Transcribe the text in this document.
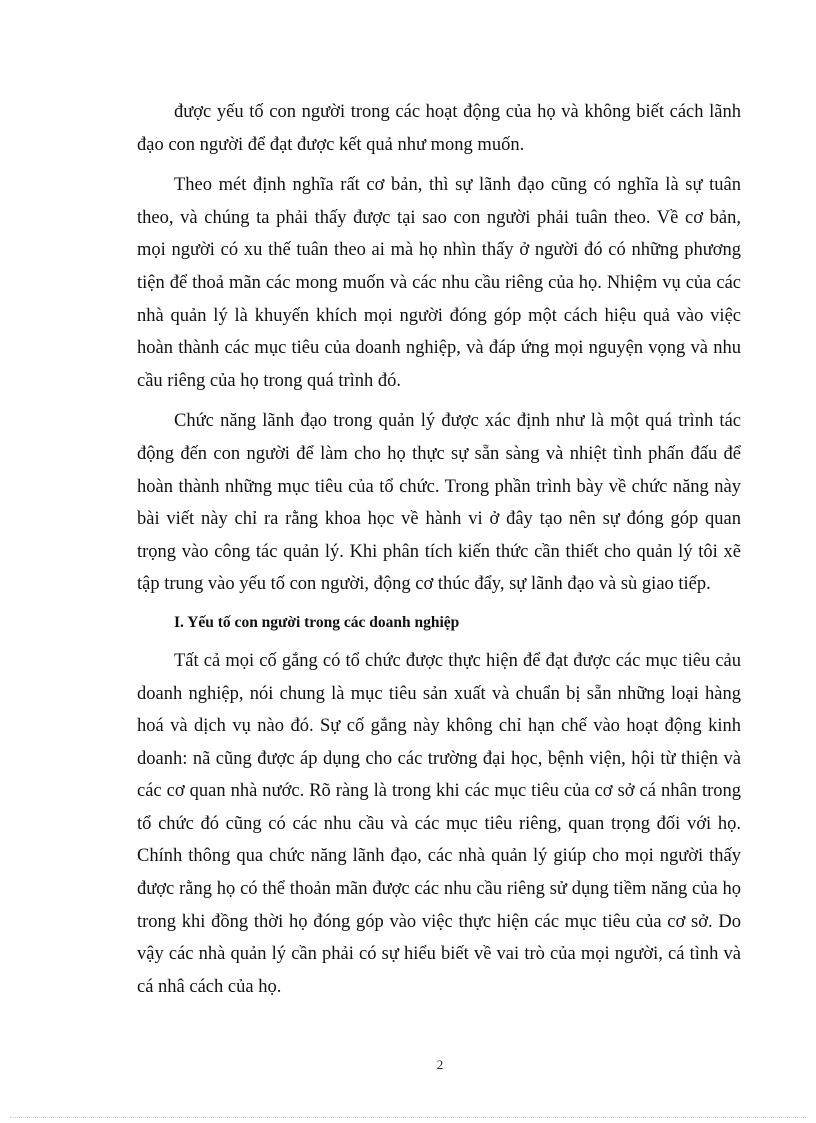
được yếu tố con người trong các hoạt động của họ và không biết cách lãnh đạo con người để đạt được kết quả như mong muốn.

Theo mét định nghĩa rất cơ bản, thì sự lãnh đạo cũng có nghĩa là sự tuân theo, và chúng ta phải thấy được tại sao con người phải tuân theo. Về cơ bản, mọi người có xu thế tuân theo ai mà họ nhìn thấy ở người đó có những phương tiện để thoả mãn các mong muốn và các nhu cầu riêng của họ. Nhiệm vụ của các nhà quản lý là khuyến khích mọi người đóng góp một cách hiệu quả vào việc hoàn thành các mục tiêu của doanh nghiệp, và đáp ứng mọi nguyện vọng và nhu cầu riêng của họ trong quá trình đó.

Chức năng lãnh đạo trong quản lý được xác định như là một quá trình tác động đến con người để làm cho họ thực sự sẵn sàng và nhiệt tình phấn đấu để hoàn thành những mục tiêu của tổ chức. Trong phần trình bày về chức năng này bài viết này chỉ ra rằng khoa học về hành vi ở đây tạo nên sự đóng góp quan trọng vào công tác quản lý. Khi phân tích kiến thức cần thiết cho quản lý tôi xẽ tập trung vào yếu tố con người, động cơ thúc đẩy, sự lãnh đạo và sù giao tiếp.

I. Yếu tố con người trong các doanh nghiệp

Tất cả mọi cố gắng có tổ chức được thực hiện để đạt được các mục tiêu cảu doanh nghiệp, nói chung là mục tiêu sản xuất và chuẩn bị sẵn những loại hàng hoá và dịch vụ nào đó. Sự cố gắng này không chỉ hạn chế vào hoạt động kinh doanh: nã cũng được áp dụng cho các trường đại học, bệnh viện, hội từ thiện và các cơ quan nhà nước. Rõ ràng là trong khi các mục tiêu của cơ sở cá nhân trong tổ chức đó cũng có các nhu cầu và các mục tiêu riêng, quan trọng đối với họ. Chính thông qua chức năng lãnh đạo, các nhà quản lý giúp cho mọi người thấy được rằng họ có thể thoản mãn được các nhu cầu riêng sử dụng tiềm năng của họ trong khi đồng thời họ đóng góp vào việc thực hiện các mục tiêu của cơ sở. Do vậy các nhà quản lý cần phải có sự hiểu biết về vai trò của mọi người, cá tình và cá nhâ cách của họ.

2
